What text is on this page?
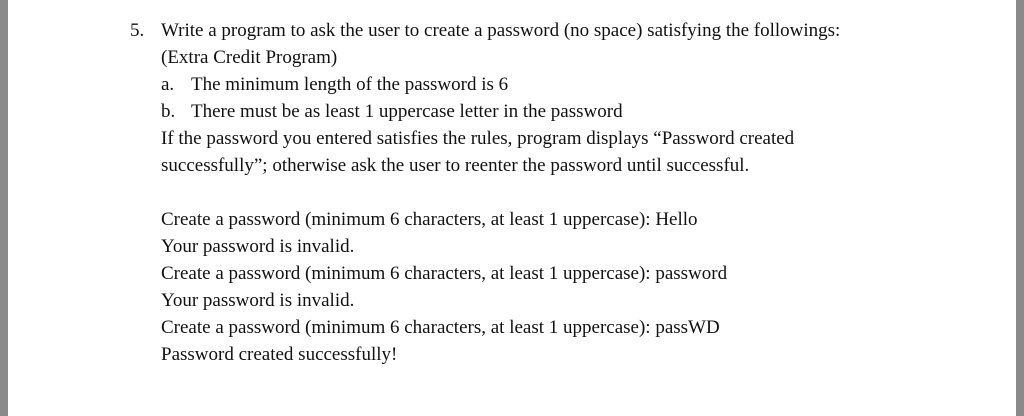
5. Write a program to ask the user to create a password (no space) satisfying the followings:
(Extra Credit Program)
a. The minimum length of the password is 6
b. There must be as least 1 uppercase letter in the password
If the password you entered satisfies the rules, program displays “Password created
successfully”; otherwise ask the user to reenter the password until successful.
Create a password (minimum 6 characters, at least 1 uppercase): Hello
Your password is invalid.
Create a password (minimum 6 characters, at least 1 uppercase): password
Your password is invalid.
Create a password (minimum 6 characters, at least 1 uppercase): passWD
Password created successfully!
